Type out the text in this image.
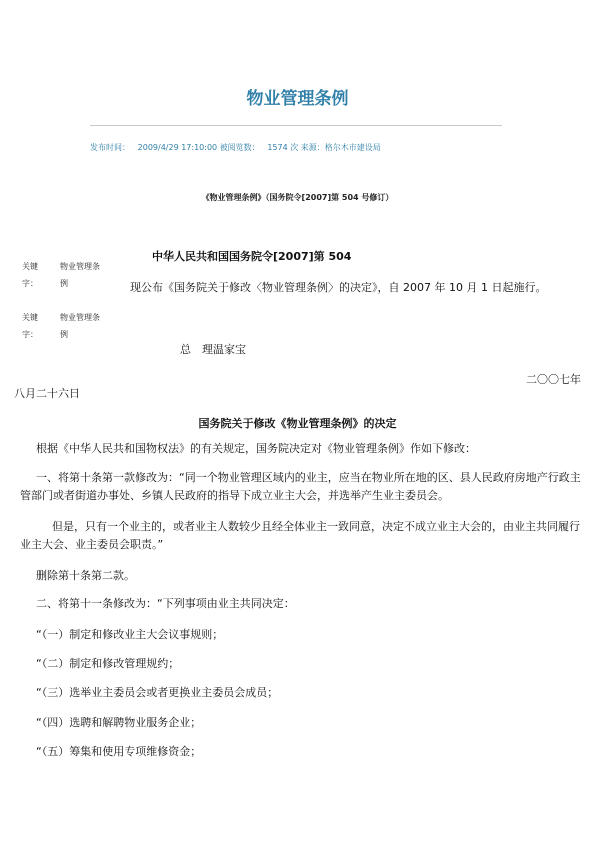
物业管理条例
发布时间： 2009/4/29 17:10:00 被阅览数： 1574 次 来源：格尔木市建设局
《物业管理条例》（国务院令[2007]第 504 号修订）
关键
字：
物业管理条
例
关键
字：
物业管理条
例
中华人民共和国国务院令[2007]第 504
现公布《国务院关于修改〈物业管理条例〉的决定》，自 2007 年 10 月 1 日起施行。
总　理温家宝
二〇〇七年
八月二十六日
国务院关于修改《物业管理条例》的决定
根据《中华人民共和国物权法》的有关规定，国务院决定对《物业管理条例》作如下修改：
一、将第十条第一款修改为：“同一个物业管理区域内的业主，应当在物业所在地的区、县人民政府房地产行政主管部门或者街道办事处、乡镇人民政府的指导下成立业主大会，并选举产生业主委员会。
但是，只有一个业主的，或者业主人数较少且经全体业主一致同意，决定不成立业主大会的，由业主共同履行业主大会、业主委员会职责。”
删除第十条第二款。
二、将第十一条修改为：“下列事项由业主共同决定：
“（一）制定和修改业主大会议事规则；
“（二）制定和修改管理规约；
“（三）选举业主委员会或者更换业主委员会成员；
“（四）选聘和解聘物业服务企业；
“（五）筹集和使用专项维修资金；
